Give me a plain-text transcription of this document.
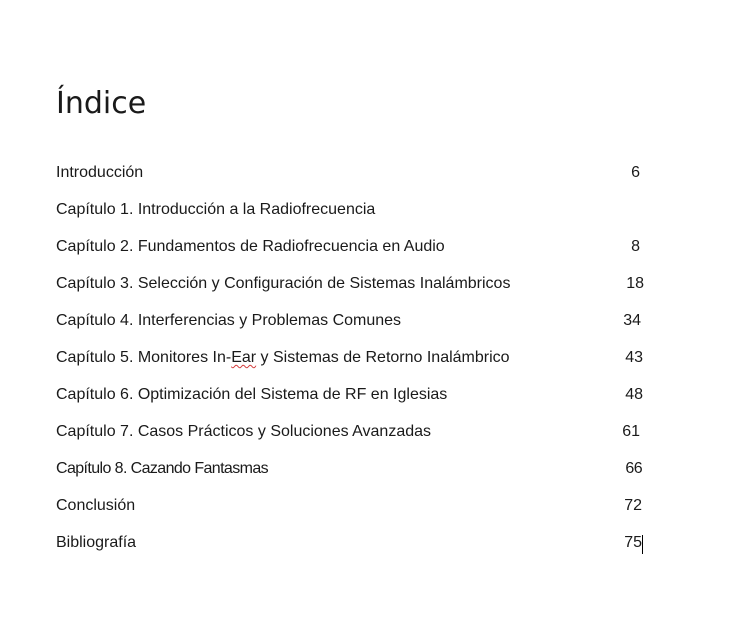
Índice
Introducción	6
Capítulo 1. Introducción a la Radiofrecuencia
Capítulo 2. Fundamentos de Radiofrecuencia en Audio	8
Capítulo 3. Selección y Configuración de Sistemas Inalámbricos	18
Capítulo 4. Interferencias y Problemas Comunes	34
Capítulo 5. Monitores In-Ear y Sistemas de Retorno Inalámbrico	43
Capítulo 6. Optimización del Sistema de RF en Iglesias	48
Capítulo 7. Casos Prácticos y Soluciones Avanzadas	61
Capítulo 8. Cazando Fantasmas	66
Conclusión	72
Bibliografía	75
